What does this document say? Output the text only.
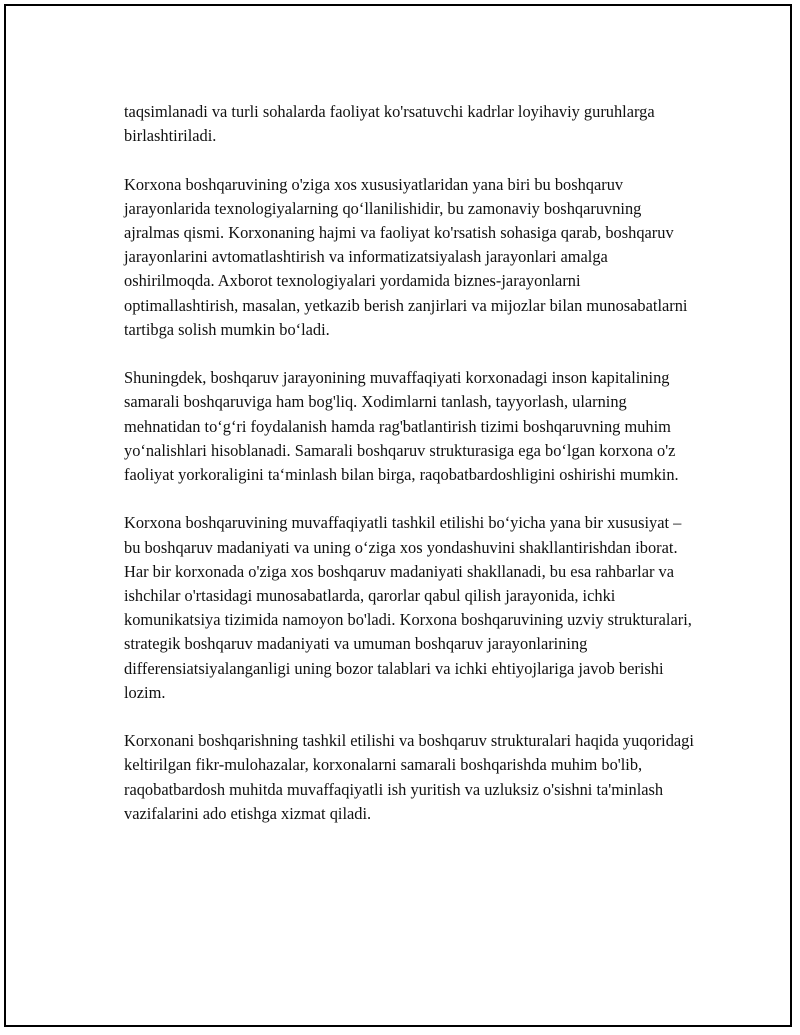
taqsimlanadi va turli sohalarda faoliyat ko'rsatuvchi kadrlar loyihaviy guruhlarga birlashtiriladi.

Korxona boshqaruvining o'ziga xos xususiyatlaridan yana biri bu boshqaruv jarayonlarida texnologiyalarning qo‘llanilishidir, bu zamonaviy boshqaruvning ajralmas qismi. Korxonaning hajmi va faoliyat ko'rsatish sohasiga qarab, boshqaruv jarayonlarini avtomatlashtirish va informatizatsiyalash jarayonlari amalga oshirilmoqda. Axborot texnologiyalari yordamida biznes-jarayonlarni optimallashtirish, masalan, yetkazib berish zanjirlari va mijozlar bilan munosabatlarni tartibga solish mumkin bo‘ladi.

Shuningdek, boshqaruv jarayonining muvaffaqiyati korxonadagi inson kapitalining samarali boshqaruviga ham bog'liq. Xodimlarni tanlash, tayyorlash, ularning mehnatidan to‘g‘ri foydalanish hamda rag'batlantirish tizimi boshqaruvning muhim yo‘nalishlari hisoblanadi. Samarali boshqaruv strukturasiga ega bo‘lgan korxona o'z faoliyat yorkoraligini ta‘minlash bilan birga, raqobatbardoshligini oshirishi mumkin.

Korxona boshqaruvining muvaffaqiyatli tashkil etilishi bo‘yicha yana bir xususiyat – bu boshqaruv madaniyati va uning o‘ziga xos yondashuvini shakllantirishdan iborat. Har bir korxonada o'ziga xos boshqaruv madaniyati shakllanadi, bu esa rahbarlar va ishchilar o'rtasidagi munosabatlarda, qarorlar qabul qilish jarayonida, ichki komunikatsiya tizimida namoyon bo'ladi. Korxona boshqaruvining uzviy strukturalari, strategik boshqaruv madaniyati va umuman boshqaruv jarayonlarining differensiatsiyalanganligi uning bozor talablari va ichki ehtiyojlariga javob berishi lozim.

Korxonani boshqarishning tashkil etilishi va boshqaruv strukturalari haqida yuqoridagi keltirilgan fikr-mulohazalar, korxonalarni samarali boshqarishda muhim bo'lib, raqobatbardosh muhitda muvaffaqiyatli ish yuritish va uzluksiz o'sishni ta'minlash vazifalarini ado etishga xizmat qiladi.
